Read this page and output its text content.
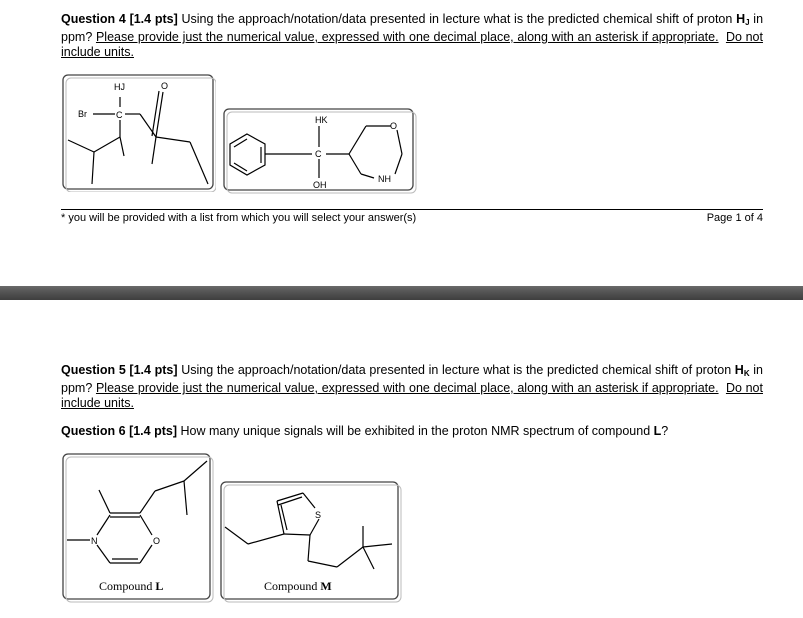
Question 4 [1.4 pts] Using the approach/notation/data presented in lecture what is the predicted chemical shift of proton $H_J$ in ppm? Please provide just the numerical value, expressed with one decimal place, along with an asterisk if appropriate. Do not include units.
HJ
Br	C
O
HK
C
OH
O
NH
* you will be provided with a list from which you will select your answer(s)	Page 1 of 4
Question 5 [1.4 pts] Using the approach/notation/data presented in lecture what is the predicted chemical shift of proton $H_K$ in ppm? Please provide just the numerical value, expressed with one decimal place, along with an asterisk if appropriate. Do not include units.
Question 6 [1.4 pts] How many unique signals will be exhibited in the proton NMR spectrum of compound L?
N	O
Compound L
S
Compound M
